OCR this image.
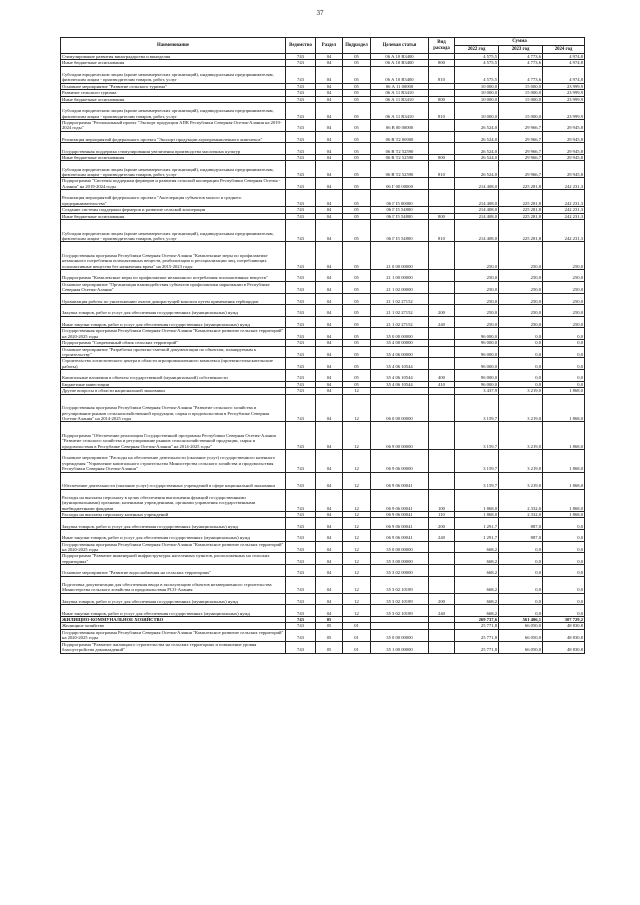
37
Наименование	Ведомство	Раздел	Подраздел	Целевая статья	Вид расхода	Сумма		
						2022 год	2023 год	2024 год
Стимулирование развития виноградарства и виноделия	743	04	05	06 А 10 R3400		4 575,5	4 773,6	4 974,8
Иные бюджетные ассигнования	743	04	05	06 А 10 R3400	800	4 575,5	4 773,6	4 974,8
Субсидии юридическим лицам (кроме некоммерческих организаций), индивидуальным предпринимателям, физическим лицам - производителям товаров, работ, услуг	743	04	05	06 А 10 R3400	810	4 575,5	4 773,6	4 974,8
Основное мероприятие "Развитие сельского туризма"	743	04	05	06 А 11 00000		10 000,0	15 000,0	23 999,9
Развитие сельского туризма	743	04	05	06 А 11 R3410		10 000,0	15 000,0	23 999,9
Иные бюджетные ассигнования	743	04	05	06 А 11 R3410	800	10 000,0	15 000,0	23 999,9
Субсидии юридическим лицам (кроме некоммерческих организаций), индивидуальным предпринимателям, физическим лицам - производителям товаров, работ, услуг	743	04	05	06 А 11 R3410	810	10 000,0	15 000,0	23 999,9
Подпрограмма "Региональный проект "Экспорт продукции АПК Республики Северная Осетия-Алания на 2019-2024 годы"	743	04	05	06 В 00 00000		26 524,0	29 966,7	29 945,8
Реализация мероприятий федерального проекта "Экспорт продукции агропромышленного комплекса"	743	04	05	06 В Т2 00000		26 524,0	29 966,7	29 945,8
Государственная поддержка стимулирования увеличения производства масличных культур	743	04	05	06 В Т2 52590		26 524,0	29 966,7	29 945,8
Иные бюджетные ассигнования	743	04	05	06 В Т2 52590	800	26 524,0	29 966,7	29 945,8
Субсидии юридическим лицам (кроме некоммерческих организаций), индивидуальным предпринимателям, физическим лицам - производителям товаров, работ, услуг	743	04	05	06 В Т2 52590	810	26 524,0	29 966,7	29 945,8
Подпрограмма "Системы поддержки фермеров и развития сельской кооперации Республики Северная Осетия - Алания" на 2019-2024 годы	743	04	05	06 Г 00 00000		214 408,0	225 281,8	242 231,3
Реализация мероприятий федерального проекта "Акселерация субъектов малого и среднего предпринимательства"	743	04	05	06 Г I5 00000		214 408,0	225 281,8	242 231,3
Создание системы поддержки фермеров и развитие сельской кооперации	743	04	05	06 Г I5 54800		214 408,0	225 281,8	242 231,3
Иные бюджетные ассигнования	743	04	05	06 Г I5 54800	800	214 408,0	225 281,8	242 231,3
Субсидии юридическим лицам (кроме некоммерческих организаций), индивидуальным предпринимателям, физическим лицам - производителям товаров, работ, услуг	743	04	05	06 Г I5 54800	810	214 408,0	225 281,8	242 231,3
Государственная программа Республики Северная Осетия-Алания "Комплексные меры по профилактике незаконного потребления психоактивных веществ, реабилитации и ресоциализации лиц, потребляющих психоактивные вещества без назначения врача" на 2015-2023 годы	743	04	05	21 0 00 00000		250,0	250,0	250,0
Подпрограмма "Комплексные меры по профилактике незаконного потребления психоактивных веществ"	743	04	05	21 1 00 00000		250,0	250,0	250,0
Основное мероприятие "Организация взаимодействия субъектов профилактики наркомании в Республике Северная Осетия-Алания"	743	04	05	21 1 02 00000		250,0	250,0	250,0
Организация работы по уничтожению очагов дикорастущей конопли путем применения гербицидов	743	04	05	21 1 02 27152		250,0	250,0	250,0
Закупка товаров, работ и услуг для обеспечения государственных (муниципальных) нужд	743	04	05	21 1 02 27152	200	250,0	250,0	250,0
Иные закупки товаров, работ и услуг для обеспечения государственных (муниципальных) нужд	743	04	05	21 1 02 27152	240	250,0	250,0	250,0
Государственная программа Республики Северная Осетия-Алания "Комплексное развитие сельских территорий" на 2020-2025 годы	743	04	05	35 0 00 00000		96 000,0	0,0	0,0
Подпрограмма "Современный облик сельских территорий"	743	04	05	35 4 00 00000		96 000,0	0,0	0,0
Основное мероприятие "Разработка проектно-сметной документации по объектам, планируемым к строительству"	743	04	05	35 4 06 00000		96 000,0	0,0	0,0
Строительство логистического центра в области агропромышленного комплекса (проектно-изыскательские работы)	743	04	05	35 4 06 10544		96 000,0	0,0	0,0
Капитальные вложения в объекты государственной (муниципальной) собственности	743	04	05	35 4 06 10544	400	96 000,0	0,0	0,0
Бюджетные инвестиции	743	04	05	35 4 06 10544	410	96 000,0	0,0	0,0
Другие вопросы в области национальной экономики	743	04	12			3 437,9	3 219,0	1 868,0
Государственная программа Республики Северная Осетия-Алания "Развитие сельского хозяйства и регулирование рынков сельскохозяйственной продукции, сырья и продовольствия в Республике Северная Осетия-Алания" на 2014-2025 годы	743	04	12	06 0 00 00000		3 159,7	3 219,0	1 868,0
Подпрограмма "Обеспечение реализации Государственной программы Республики Северная Осетия-Алания "Развитие сельского хозяйства и регулирование рынков сельскохозяйственной продукции, сырья и продовольствия в Республике Северная Осетия-Алания" на 2014-2025 годы"	743	04	12	06 9 00 00000		3 159,7	3 219,0	1 868,0
Основное мероприятие "Расходы на обеспечение деятельности (оказание услуг) государственного казенного учреждения "Управление капитального строительства Министерства сельского хозяйства и продовольствия Республики Северная Осетия-Алания"	743	04	12	06 9 06 00000		3 159,7	3 219,0	1 868,0
Обеспечение деятельности (оказание услуг) государственных учреждений в сфере национальной экономики	743	04	12	06 9 06 00041		3 159,7	3 219,0	1 868,0
Расходы на выплаты персоналу в целях обеспечения выполнения функций государственными (муниципальными) органами, казенными учреждениями, органами управления государственными внебюджетными фондами	743	04	12	06 9 06 00041	100	1 868,0	2 332,0	1 868,0
Расходы на выплаты персоналу казенных учреждений	743	04	12	06 9 06 00041	110	1 868,0	2 332,0	1 868,0
Закупка товаров, работ и услуг для обеспечения государственных (муниципальных) нужд	743	04	12	06 9 06 00041	200	1 291,7	887,0	0,0
Иные закупки товаров, работ и услуг для обеспечения государственных (муниципальных) нужд	743	04	12	06 9 06 00041	240	1 291,7	887,0	0,0
Государственная программа Республики Северная Осетия-Алания "Комплексное развитие сельских территорий" на 2020-2025 годы	743	04	12	35 0 00 00000		668,2	0,0	0,0
Подпрограмма "Развитие инженерной инфраструктуры населенных пунктов, расположенных на сельских территориях"	743	04	12	35 3 00 00000		668,2	0,0	0,0
Основное мероприятие "Развитие водоснабжения на сельских территориях"	743	04	12	35 3 02 00000		668,2	0,0	0,0
Подготовка документации для обеспечения ввода в эксплуатацию объектов незавершенного строительства Министерства сельского хозяйства и продовольствия РСО-Алания	743	04	12	35 3 02 10189		668,2	0,0	0,0
Закупка товаров, работ и услуг для обеспечения государственных (муниципальных) нужд	743	04	12	35 3 02 10189	200	668,2	0,0	0,0
Иные закупки товаров, работ и услуг для обеспечения государственных (муниципальных) нужд	743	04	12	35 3 02 10189	240	668,2	0,0	0,0
ЖИЛИЩНО-КОММУНАЛЬНОЕ ХОЗЯЙСТВО	743	05				269 737,6	561 406,1	307 729,2
Жилищное хозяйство	743	05	01			25 771,8	66 050,0	48 830,8
Государственная программа Республики Северная Осетия-Алания "Комплексное развитие сельских территорий" на 2020-2025 годы	743	05	01	35 0 00 00000		25 771,8	66 050,0	48 830,8
Подпрограмма "Развитие жилищного строительства на сельских территориях и повышение уровня благоустройства домовладений"	743	05	01	35 1 00 00000		25 771,8	66 050,0	48 830,8
